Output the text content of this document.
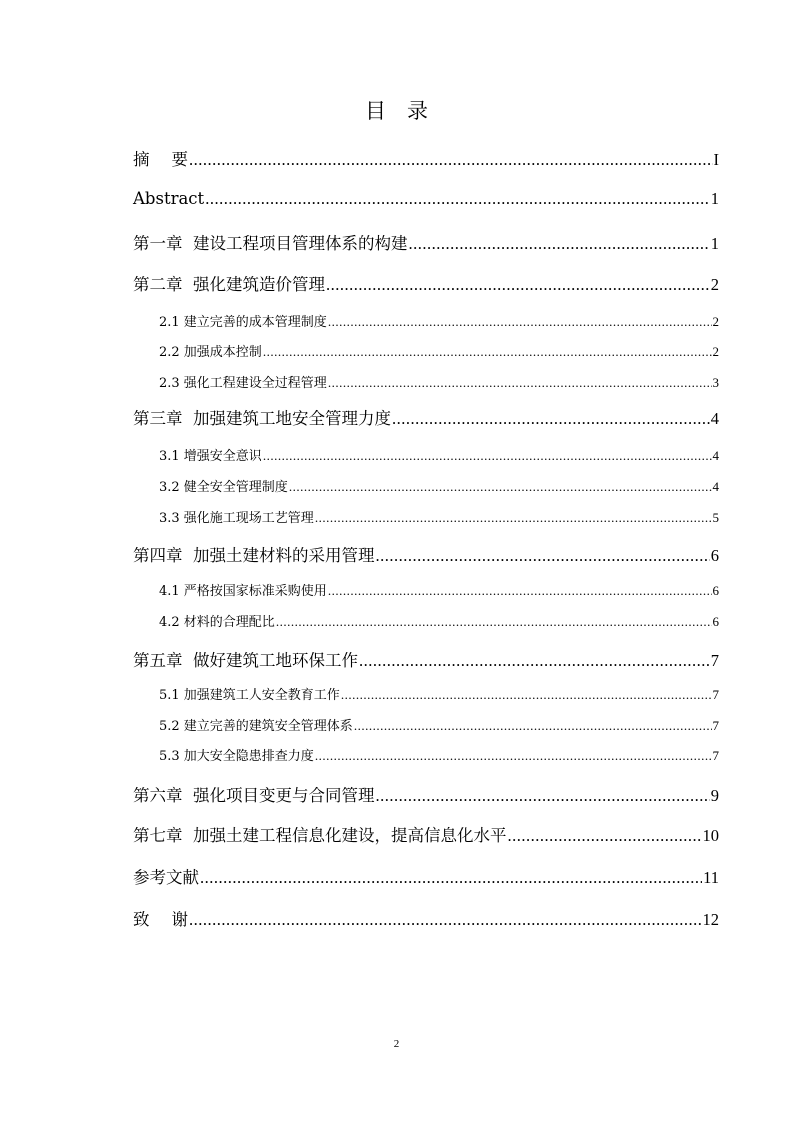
目　录
摘 要 .....	I
Abstract .....	1
第一章 建设工程项目管理体系的构建 .....	1
第二章 强化建筑造价管理 .....	2
2.1 建立完善的成本管理制度 .....	2
2.2 加强成本控制 .....	2
2.3 强化工程建设全过程管理 .....	3
第三章 加强建筑工地安全管理力度 .....	4
3.1 增强安全意识 .....	4
3.2 健全安全管理制度 .....	4
3.3 强化施工现场工艺管理 .....	5
第四章 加强土建材料的采用管理 .....	6
4.1 严格按国家标准采购使用 .....	6
4.2 材料的合理配比 .....	6
第五章 做好建筑工地环保工作 .....	7
5.1 加强建筑工人安全教育工作 .....	7
5.2 建立完善的建筑安全管理体系 .....	7
5.3 加大安全隐患排查力度 .....	7
第六章 强化项目变更与合同管理 .....	9
第七章 加强土建工程信息化建设，提高信息化水平 .....	10
参考文献 .....	11
致 谢 .....	12
2
